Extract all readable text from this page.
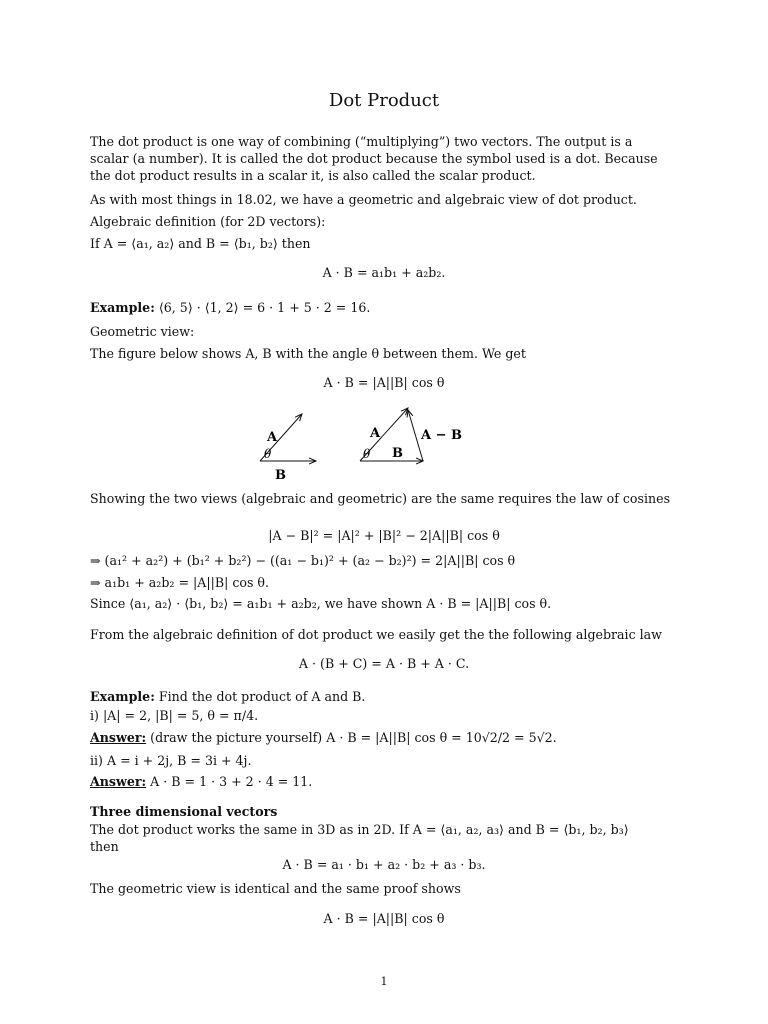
Dot Product
The dot product is one way of combining (“multiplying”) two vectors. The output is a
scalar (a number). It is called the dot product because the symbol used is a dot. Because
the dot product results in a scalar it, is also called the scalar product.
As with most things in 18.02, we have a geometric and algebraic view of dot product.
Algebraic definition (for 2D vectors):
If A = ⟨a₁, a₂⟩ and B = ⟨b₁, b₂⟩ then
A · B = a₁b₁ + a₂b₂.
Example: ⟨6, 5⟩ · ⟨1, 2⟩ = 6 · 1 + 5 · 2 = 16.
Geometric view:
The figure below shows A, B with the angle θ between them. We get
A · B = |A||B| cos θ
A
θ
B
A
θ B
A − B
Showing the two views (algebraic and geometric) are the same requires the law of cosines
|A − B|² = |A|² + |B|² − 2|A||B| cos θ
⇒ (a₁² + a₂²) + (b₁² + b₂²) − ((a₁ − b₁)² + (a₂ − b₂)²) = 2|A||B| cos θ
⇒ a₁b₁ + a₂b₂ = |A||B| cos θ.
Since ⟨a₁, a₂⟩ · ⟨b₁, b₂⟩ = a₁b₁ + a₂b₂, we have shown A · B = |A||B| cos θ.
From the algebraic definition of dot product we easily get the the following algebraic law
A · (B + C) = A · B + A · C.
Example: Find the dot product of A and B.
i) |A| = 2, |B| = 5, θ = π/4.
Answer: (draw the picture yourself) A · B = |A||B| cos θ = 10√2/2 = 5√2.
ii) A = i + 2j, B = 3i + 4j.
Answer: A · B = 1 · 3 + 2 · 4 = 11.
Three dimensional vectors
The dot product works the same in 3D as in 2D. If A = ⟨a₁, a₂, a₃⟩ and B = ⟨b₁, b₂, b₃⟩
then
A · B = a₁ · b₁ + a₂ · b₂ + a₃ · b₃.
The geometric view is identical and the same proof shows
A · B = |A||B| cos θ
1
